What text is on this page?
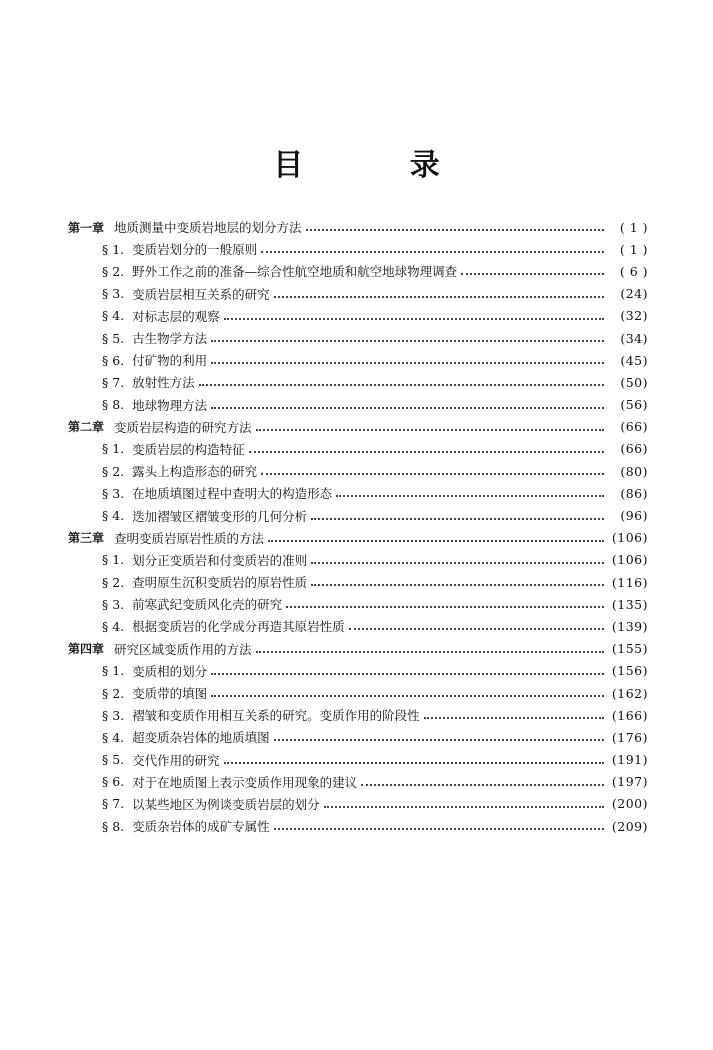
目 录
第一章 地质测量中变质岩地层的划分方法	( 1 )
§ 1. 变质岩划分的一般原则	( 1 )
§ 2. 野外工作之前的准备—综合性航空地质和航空地球物理调查	( 6 )
§ 3. 变质岩层相互关系的研究	(24)
§ 4. 对标志层的观察	(32)
§ 5. 古生物学方法	(34)
§ 6. 付矿物的利用	(45)
§ 7. 放射性方法	(50)
§ 8. 地球物理方法	(56)
第二章 变质岩层构造的研究方法	(66)
§ 1. 变质岩层的构造特征	(66)
§ 2. 露头上构造形态的研究	(80)
§ 3. 在地质填图过程中查明大的构造形态	(86)
§ 4. 迭加褶皱区褶皱变形的几何分析	(96)
第三章 查明变质岩原岩性质的方法	(106)
§ 1. 划分正变质岩和付变质岩的准则	(106)
§ 2. 查明原生沉积变质岩的原岩性质	(116)
§ 3. 前寒武纪变质风化壳的研究	(135)
§ 4. 根据变质岩的化学成分再造其原岩性质	(139)
第四章 研究区域变质作用的方法	(155)
§ 1. 变质相的划分	(156)
§ 2. 变质带的填图	(162)
§ 3. 褶皱和变质作用相互关系的研究。变质作用的阶段性	(166)
§ 4. 超变质杂岩体的地质填图	(176)
§ 5. 交代作用的研究	(191)
§ 6. 对于在地质图上表示变质作用现象的建议	(197)
§ 7. 以某些地区为例谈变质岩层的划分	(200)
§ 8. 变质杂岩体的成矿专属性	(209)
